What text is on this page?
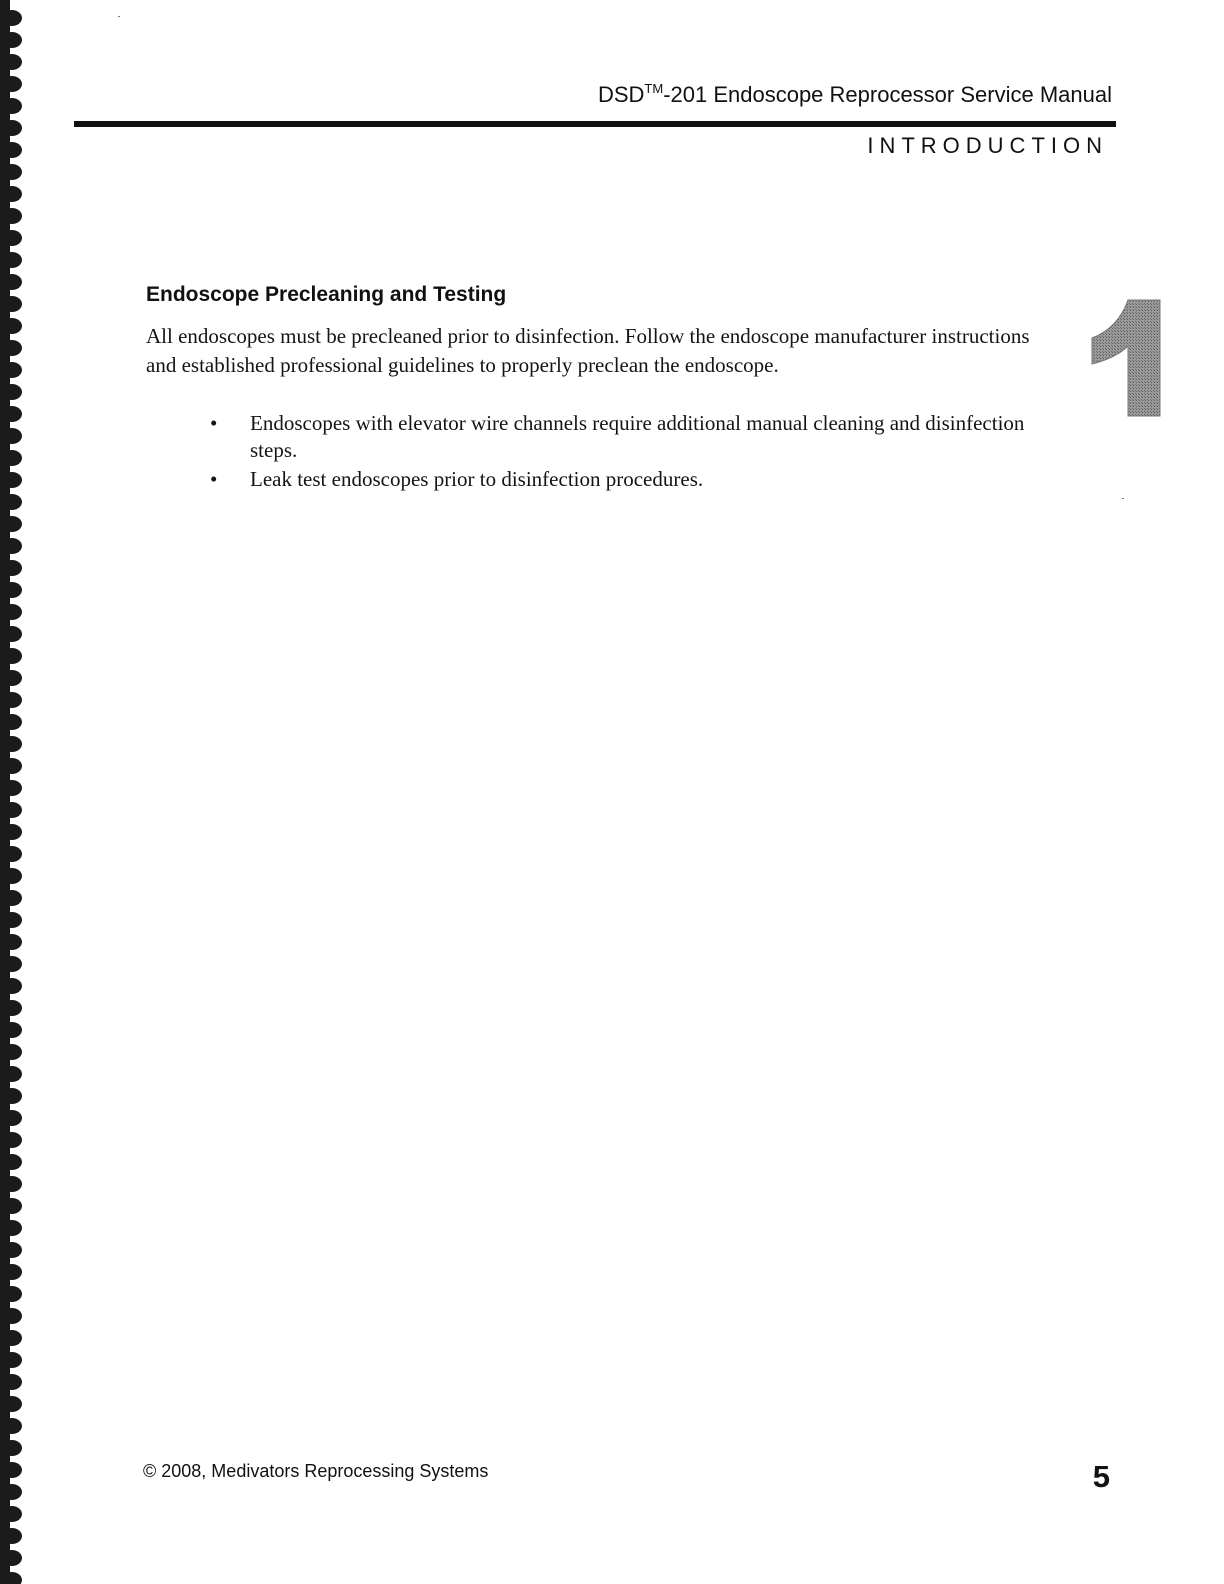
DSD™-201 Endoscope Reprocessor Service Manual
INTRODUCTION
Endoscope Precleaning and Testing

All endoscopes must be precleaned prior to disinfection. Follow the endoscope manufacturer instructions and established professional guidelines to properly preclean the endoscope.

• Endoscopes with elevator wire channels require additional manual cleaning and disinfection steps.
• Leak test endoscopes prior to disinfection procedures.
© 2008, Medivators Reprocessing Systems	5
